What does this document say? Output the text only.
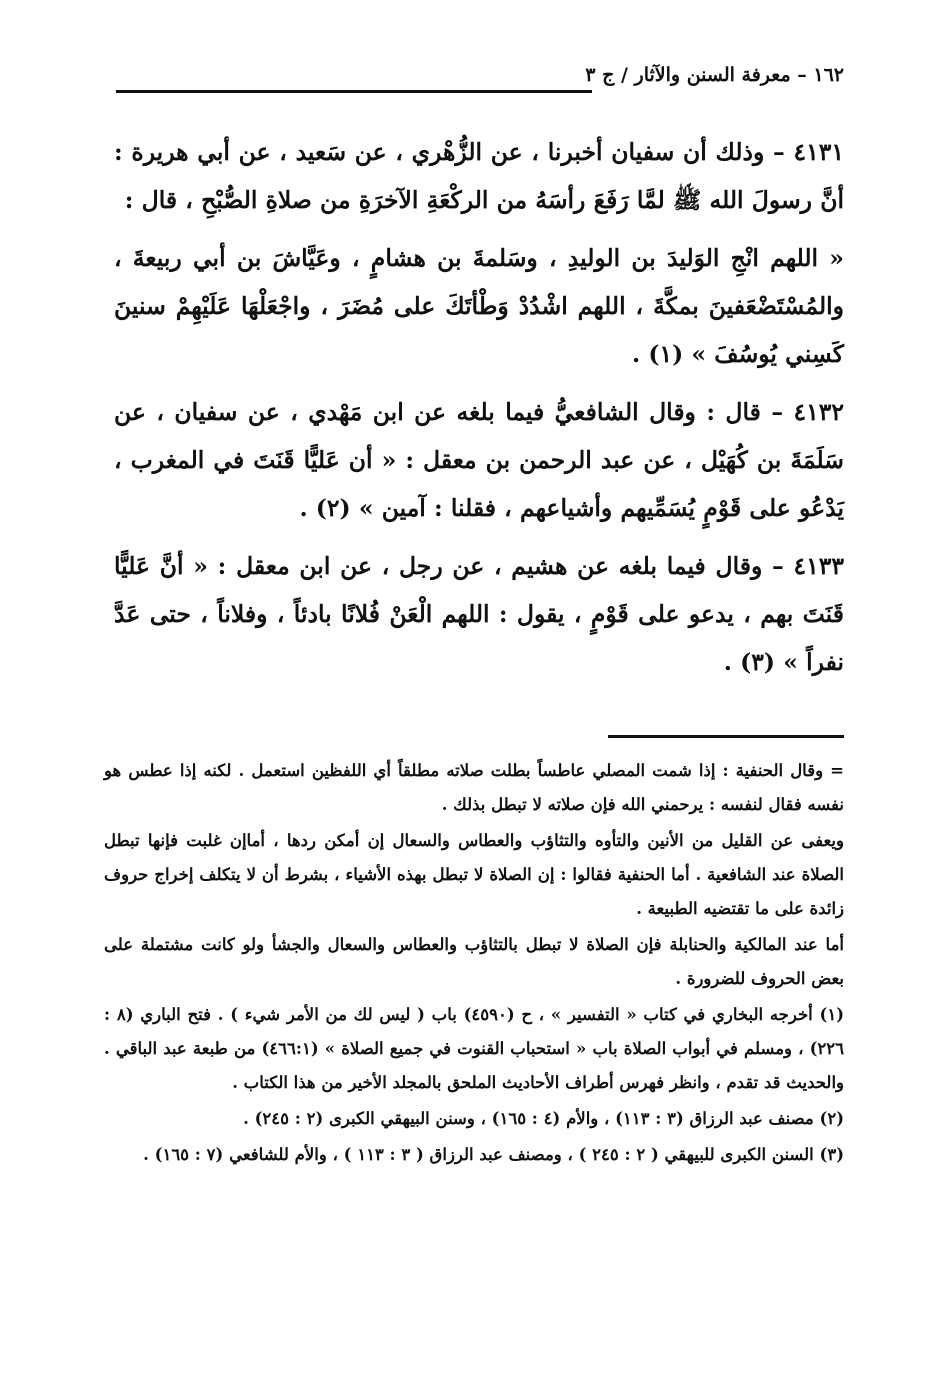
١٦٢ – معرفة السنن والآثار / ج ٣

٤١٣١ – وذلك أن سفيان أخبرنا ، عن الزُّهْري ، عن سَعيد ، عن أبي هريرة : أنَّ رسولَ الله ﷺ لمَّا رَفَعَ رأسَهُ من الركْعَةِ الآخرَةِ من صلاةِ الصُّبْحِ ، قال :

« اللهم انْجِ الوَليدَ بن الوليدِ ، وسَلمةَ بن هشامٍ ، وعَيَّاشَ بن أبي ربيعةَ ، والمُسْتَضْعَفينَ بمكَّةَ ، اللهم اشْدُدْ وَطْأتَكَ على مُضَرَ ، واجْعَلْهَا عَلَيْهِمْ سنينَ كَسِني يُوسُفَ » (١) .

٤١٣٢ – قال : وقال الشافعيُّ فيما بلغه عن ابن مَهْدي ، عن سفيان ، عن سَلَمَةَ بن كُهَيْل ، عن عبد الرحمن بن معقل : « أن عَليًّا قَنَتَ في المغرب ، يَدْعُو على قَوْمٍ يُسَمِّيهم وأشياعهم ، فقلنا : آمين » (٢) .

٤١٣٣ – وقال فيما بلغه عن هشيم ، عن رجل ، عن ابن معقل : « أنَّ عَليًّا قَنَتَ بهم ، يدعو على قَوْمٍ ، يقول : اللهم الْعَنْ فُلانًا بادئاً ، وفلاناً ، حتى عَدَّ نفراً » (٣) .

= وقال الحنفية : إذا شمت المصلي عاطساً بطلت صلاته مطلقاً أي اللفظين استعمل . لكنه إذا عطس هو نفسه فقال لنفسه : يرحمني الله فإن صلاته لا تبطل بذلك .

ويعفى عن القليل من الأنين والتأوه والتثاؤب والعطاس والسعال إن أمكن ردها ، أماإن غلبت فإنها تبطل الصلاة عند الشافعية . أما الحنفية فقالوا : إن الصلاة لا تبطل بهذه الأشياء ، بشرط أن لا يتكلف إخراج حروف زائدة على ما تقتضيه الطبيعة .

أما عند المالكية والحنابلة فإن الصلاة لا تبطل بالتثاؤب والعطاس والسعال والجشأ ولو كانت مشتملة على بعض الحروف للضرورة .

(١) أخرجه البخاري في كتاب « التفسير » ، ح (٤٥٩٠) باب ( ليس لك من الأمر شيء ) . فتح الباري (٨ : ٢٢٦) ، ومسلم في أبواب الصلاة باب « استحباب القنوت في جميع الصلاة » (٤٦٦:١) من طبعة عبد الباقي . والحديث قد تقدم ، وانظر فهرس أطراف الأحاديث الملحق بالمجلد الأخير من هذا الكتاب .

(٢) مصنف عبد الرزاق (٣ : ١١٣) ، والأم (٤ : ١٦٥) ، وسنن البيهقي الكبرى (٢ : ٢٤٥) .

(٣) السنن الكبرى للبيهقي ( ٢ : ٢٤٥ ) ، ومصنف عبد الرزاق ( ٣ : ١١٣ ) ، والأم للشافعي (٧ : ١٦٥) .
